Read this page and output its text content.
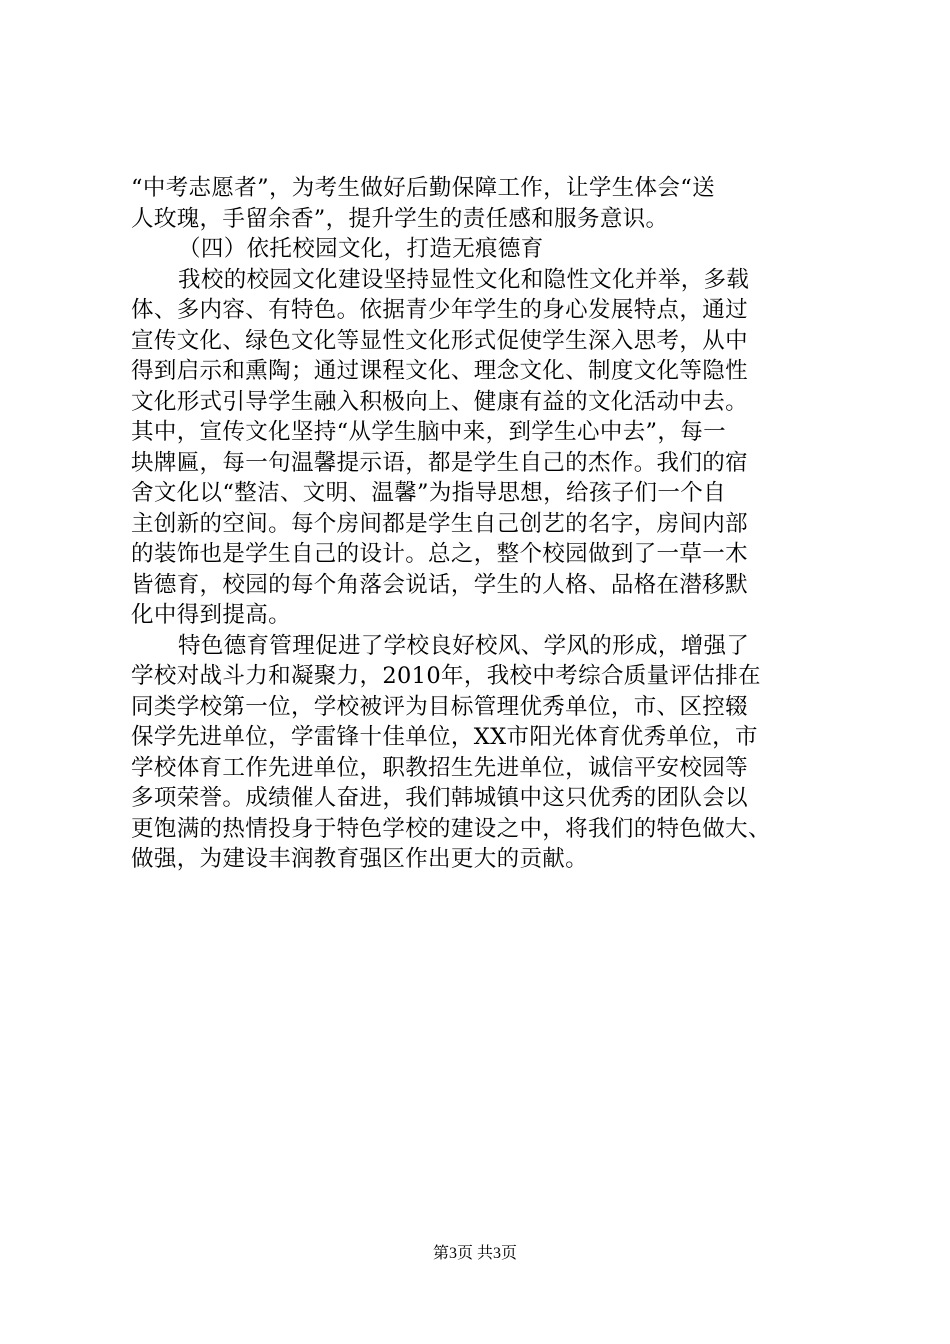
“中考志愿者”，为考生做好后勤保障工作，让学生体会“送
人玫瑰，手留余香”，提升学生的责任感和服务意识。
（四）依托校园文化，打造无痕德育
我校的校园文化建设坚持显性文化和隐性文化并举，多载
体、多内容、有特色。依据青少年学生的身心发展特点，通过
宣传文化、绿色文化等显性文化形式促使学生深入思考，从中
得到启示和熏陶；通过课程文化、理念文化、制度文化等隐性
文化形式引导学生融入积极向上、健康有益的文化活动中去。
其中，宣传文化坚持“从学生脑中来，到学生心中去”，每一
块牌匾，每一句温馨提示语，都是学生自己的杰作。我们的宿
舍文化以“整洁、文明、温馨”为指导思想，给孩子们一个自
主创新的空间。每个房间都是学生自己创艺的名字，房间内部
的装饰也是学生自己的设计。总之，整个校园做到了一草一木
皆德育，校园的每个角落会说话，学生的人格、品格在潜移默
化中得到提高。
特色德育管理促进了学校良好校风、学风的形成，增强了
学校对战斗力和凝聚力，2010年，我校中考综合质量评估排在
同类学校第一位，学校被评为目标管理优秀单位，市、区控辍
保学先进单位，学雷锋十佳单位，XX市阳光体育优秀单位，市
学校体育工作先进单位，职教招生先进单位，诚信平安校园等
多项荣誉。成绩催人奋进，我们韩城镇中这只优秀的团队会以
更饱满的热情投身于特色学校的建设之中，将我们的特色做大、
做强，为建设丰润教育强区作出更大的贡献。
第3页 共3页
